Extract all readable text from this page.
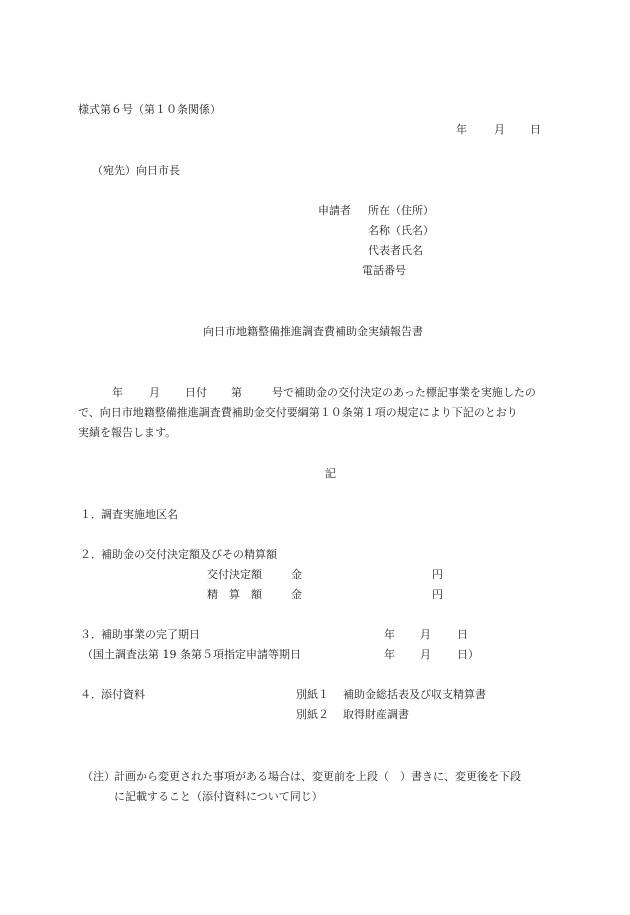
様式第６号（第１０条関係）
年 月 日
（宛先）向日市長
申請者 所在（住所）
名称（氏名）
代表者氏名
電話番号
向日市地籍整備推進調査費補助金実績報告書
年 月 日付 第	号で補助金の交付決定のあった標記事業を実施したの
で、向日市地籍整備推進調査費補助金交付要綱第１０条第１項の規定により下記のとおり
実績を報告します。
記
１． 調査実施地区名
２． 補助金の交付決定額及びその精算額
交付決定額	金	円
精　算　額	金	円
３． 補助事業の完了期日	年 月 日
（国土調査法第 19 条第５項指定申請等期日	年 月 日）
４． 添付資料	別紙１ 補助金総括表及び収支精算書
別紙２ 取得財産調書
（注） 計画から変更された事項がある場合は、変更前を上段（　）書きに、変更後を下段
に記載すること（添付資料について同じ）
